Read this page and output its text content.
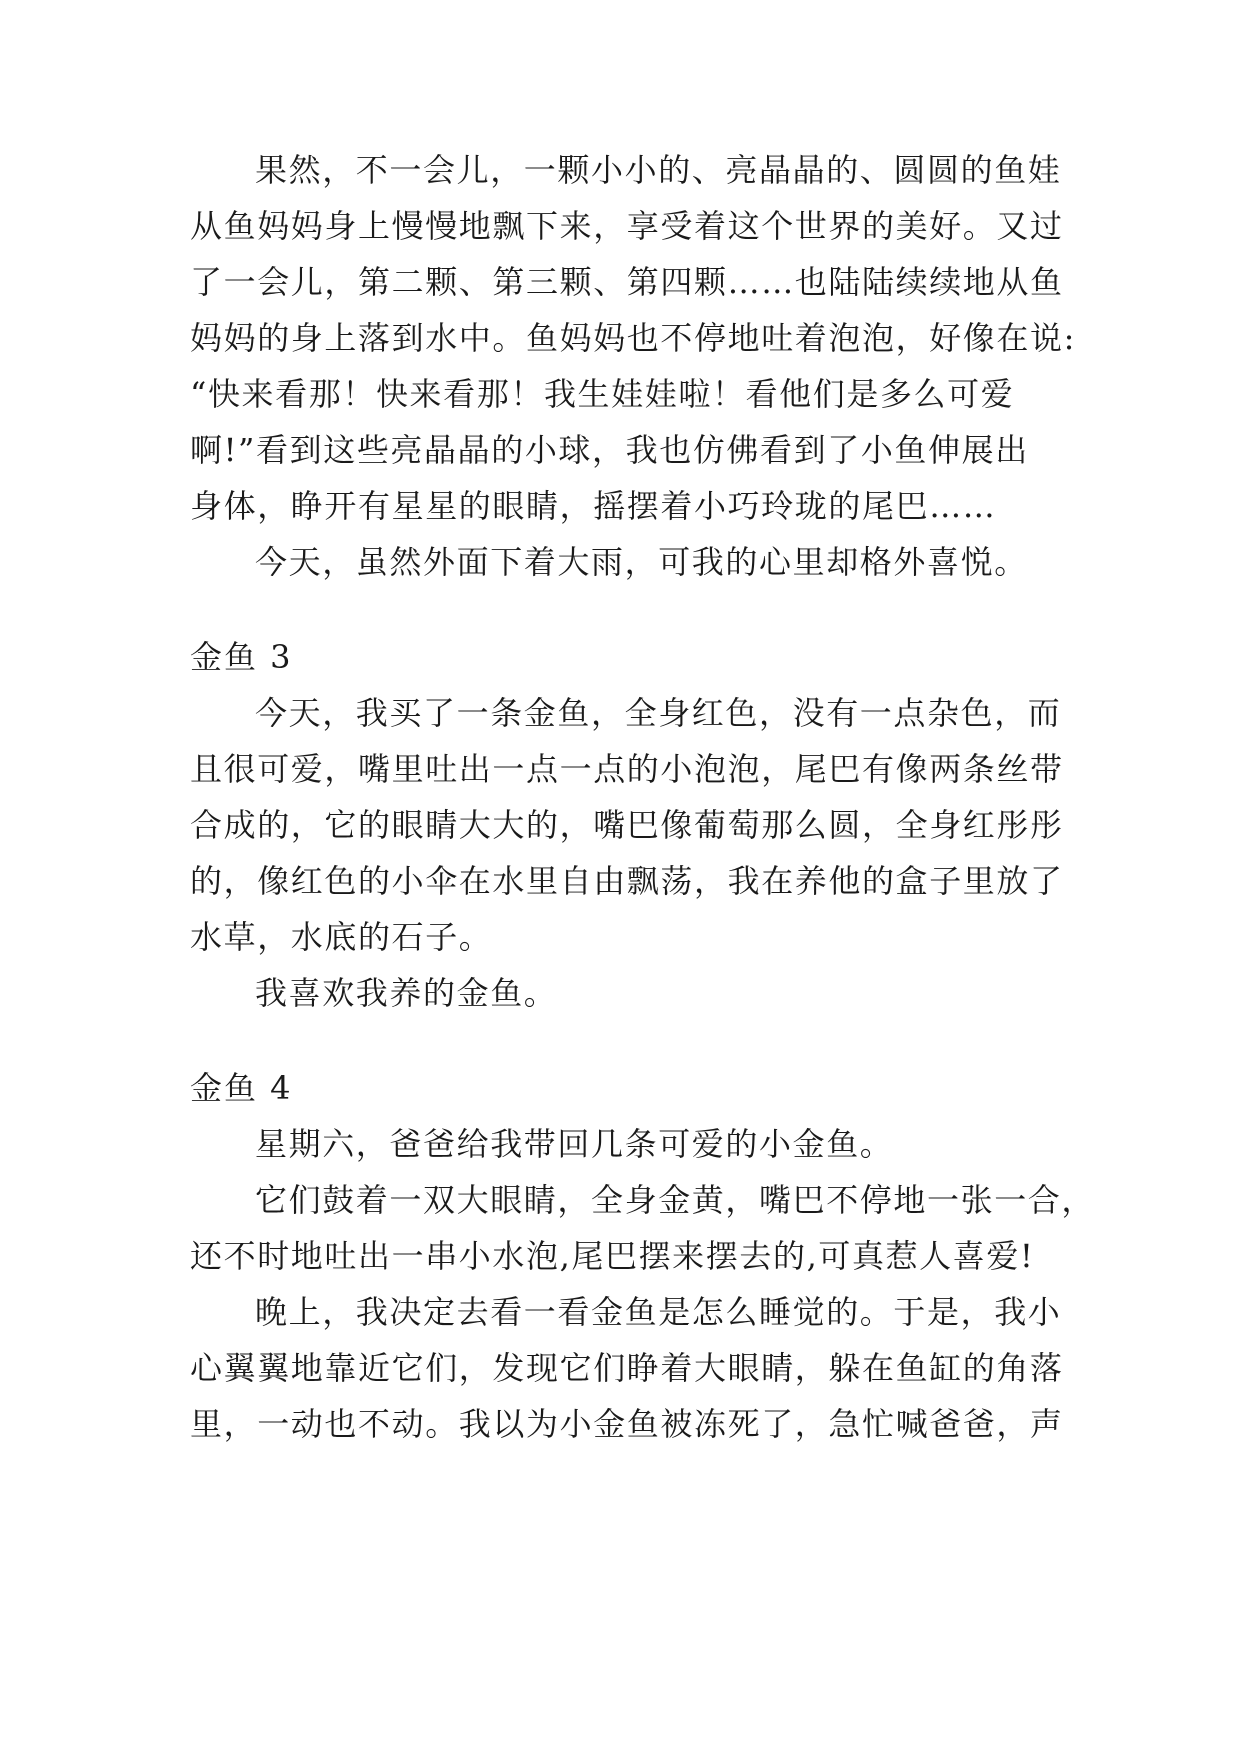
果然，不一会儿，一颗小小的、亮晶晶的、圆圆的鱼娃
从鱼妈妈身上慢慢地飘下来，享受着这个世界的美好。又过
了一会儿，第二颗、第三颗、第四颗……也陆陆续续地从鱼
妈妈的身上落到水中。鱼妈妈也不停地吐着泡泡，好像在说:
“快来看那！快来看那！我生娃娃啦！看他们是多么可爱
啊!”看到这些亮晶晶的小球，我也仿佛看到了小鱼伸展出
身体，睁开有星星的眼睛，摇摆着小巧玲珑的尾巴……
今天，虽然外面下着大雨，可我的心里却格外喜悦。
金鱼 3
今天，我买了一条金鱼，全身红色，没有一点杂色，而
且很可爱，嘴里吐出一点一点的小泡泡，尾巴有像两条丝带
合成的，它的眼睛大大的，嘴巴像葡萄那么圆，全身红彤彤
的，像红色的小伞在水里自由飘荡，我在养他的盒子里放了
水草，水底的石子。
我喜欢我养的金鱼。
金鱼 4
星期六，爸爸给我带回几条可爱的小金鱼。
它们鼓着一双大眼睛，全身金黄，嘴巴不停地一张一合，
还不时地吐出一串小水泡,尾巴摆来摆去的,可真惹人喜爱!
晚上，我决定去看一看金鱼是怎么睡觉的。于是，我小
心翼翼地靠近它们，发现它们睁着大眼睛，躲在鱼缸的角落
里，一动也不动。我以为小金鱼被冻死了，急忙喊爸爸，声
